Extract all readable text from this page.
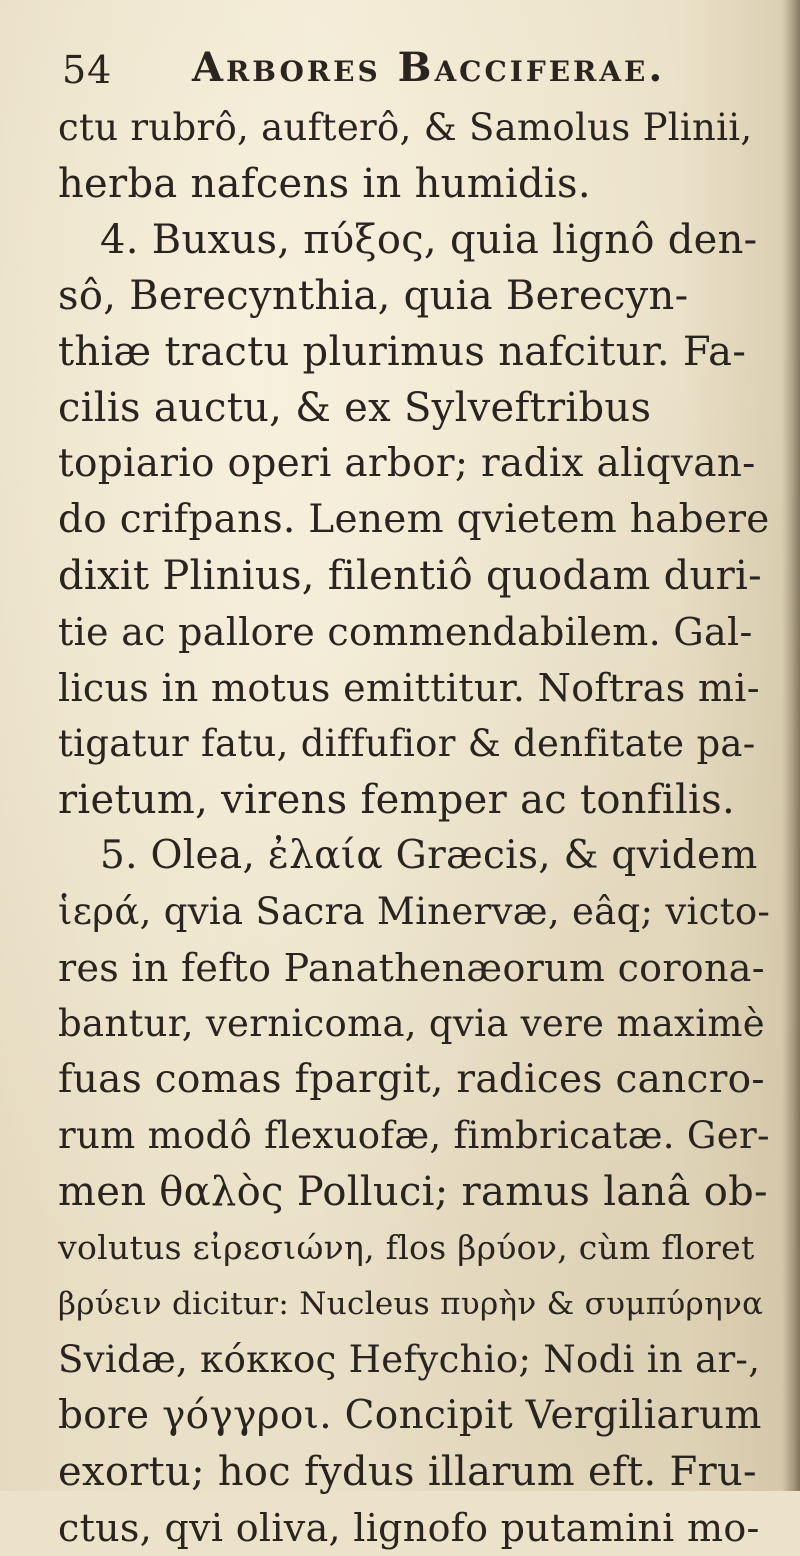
54 Arbores Bacciferae.
ctu rubrô, aufterô, & Samolus Plinii,
herba nafcens in humidis.
4. Buxus, πύξος, quia lignô den-
sô, Berecynthia, quia Berecyn-
thiæ tractu plurimus nafcitur. Fa-
cilis auctu, & ex Sylveftribus
topiario operi arbor; radix aliqvan-
do crifpans. Lenem qvietem habere
dixit Plinius, filentiô quodam duri-
tie ac pallore commendabilem. Gal-
licus in motus emittitur. Noftras mi-
tigatur fatu, diffufior & denfitate pa-
rietum, virens femper ac tonfilis.
5. Olea, ἐλαία Græcis, & qvidem
ἱερά, qvia Sacra Minervæ, eâq; victo-
res in fefto Panathenæorum corona-
bantur, vernicoma, qvia vere maximè
fuas comas fpargit, radices cancro-
rum modô flexuofæ, fimbricatæ. Ger-
men θαλὸς Polluci; ramus lanâ ob-
volutus εἰρεσιώνη, flos βρύον, cùm floret
βρύειν dicitur: Nucleus πυρὴν & συμπύρηνα
Svidæ, κόκκος Hefychio; Nodi in ar-,
bore γόγγροι. Concipit Vergiliarum
exortu; hoc fydus illarum eft. Fru-
ctus, qvi oliva, lignofo putamini mo-
